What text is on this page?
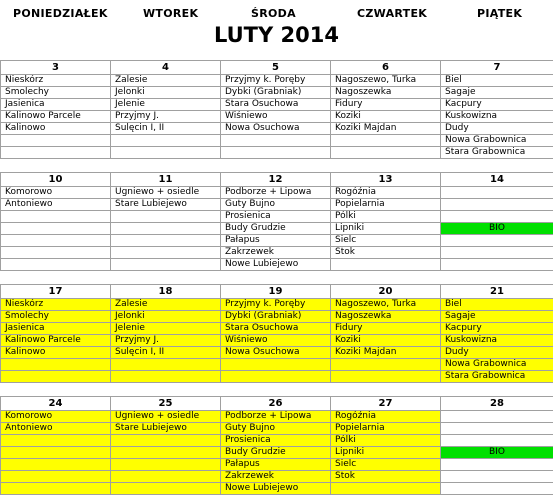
PONIEDZIAŁEK	WTOREK	ŚRODA	CZWARTEK	PIĄTEK
LUTY 2014
3	4	5	6	7
Nieskórz	Zalesie	Przyjmy k. Poręby	Nagoszewo, Turka	Biel
Smolechy	Jelonki	Dybki (Grabniak)	Nagoszewka	Sagaje
Jasienica	Jelenie	Stara Osuchowa	Fidury	Kacpury
Kalinowo Parcele	Przyjmy J.	Wiśniewo	Koziki	Kuskowizna
Kalinowo	Sulęcin I, II	Nowa Osuchowa	Koziki Majdan	Dudy
				Nowa Grabownica
				Stara Grabownica
10	11	12	13	14
Komorowo	Ugniewo + osiedle	Podborze + Lipowa	Rogóźnia	
Antoniewo	Stare Lubiejewo	Guty Bujno	Popielarnia	
		Prosienica	Pólki	
		Budy Grudzie	Lipniki	BIO
		Pałapus	Sielc	
		Zakrzewek	Stok	
		Nowe Lubiejewo		
17	18	19	20	21
Nieskórz	Zalesie	Przyjmy k. Poręby	Nagoszewo, Turka	Biel
Smolechy	Jelonki	Dybki (Grabniak)	Nagoszewka	Sagaje
Jasienica	Jelenie	Stara Osuchowa	Fidury	Kacpury
Kalinowo Parcele	Przyjmy J.	Wiśniewo	Koziki	Kuskowizna
Kalinowo	Sulęcin I, II	Nowa Osuchowa	Koziki Majdan	Dudy
				Nowa Grabownica
				Stara Grabownica
24	25	26	27	28
Komorowo	Ugniewo + osiedle	Podborze + Lipowa	Rogóźnia	
Antoniewo	Stare Lubiejewo	Guty Bujno	Popielarnia	
		Prosienica	Pólki	
		Budy Grudzie	Lipniki	BIO
		Pałapus	Sielc	
		Zakrzewek	Stok	
		Nowe Lubiejewo		
